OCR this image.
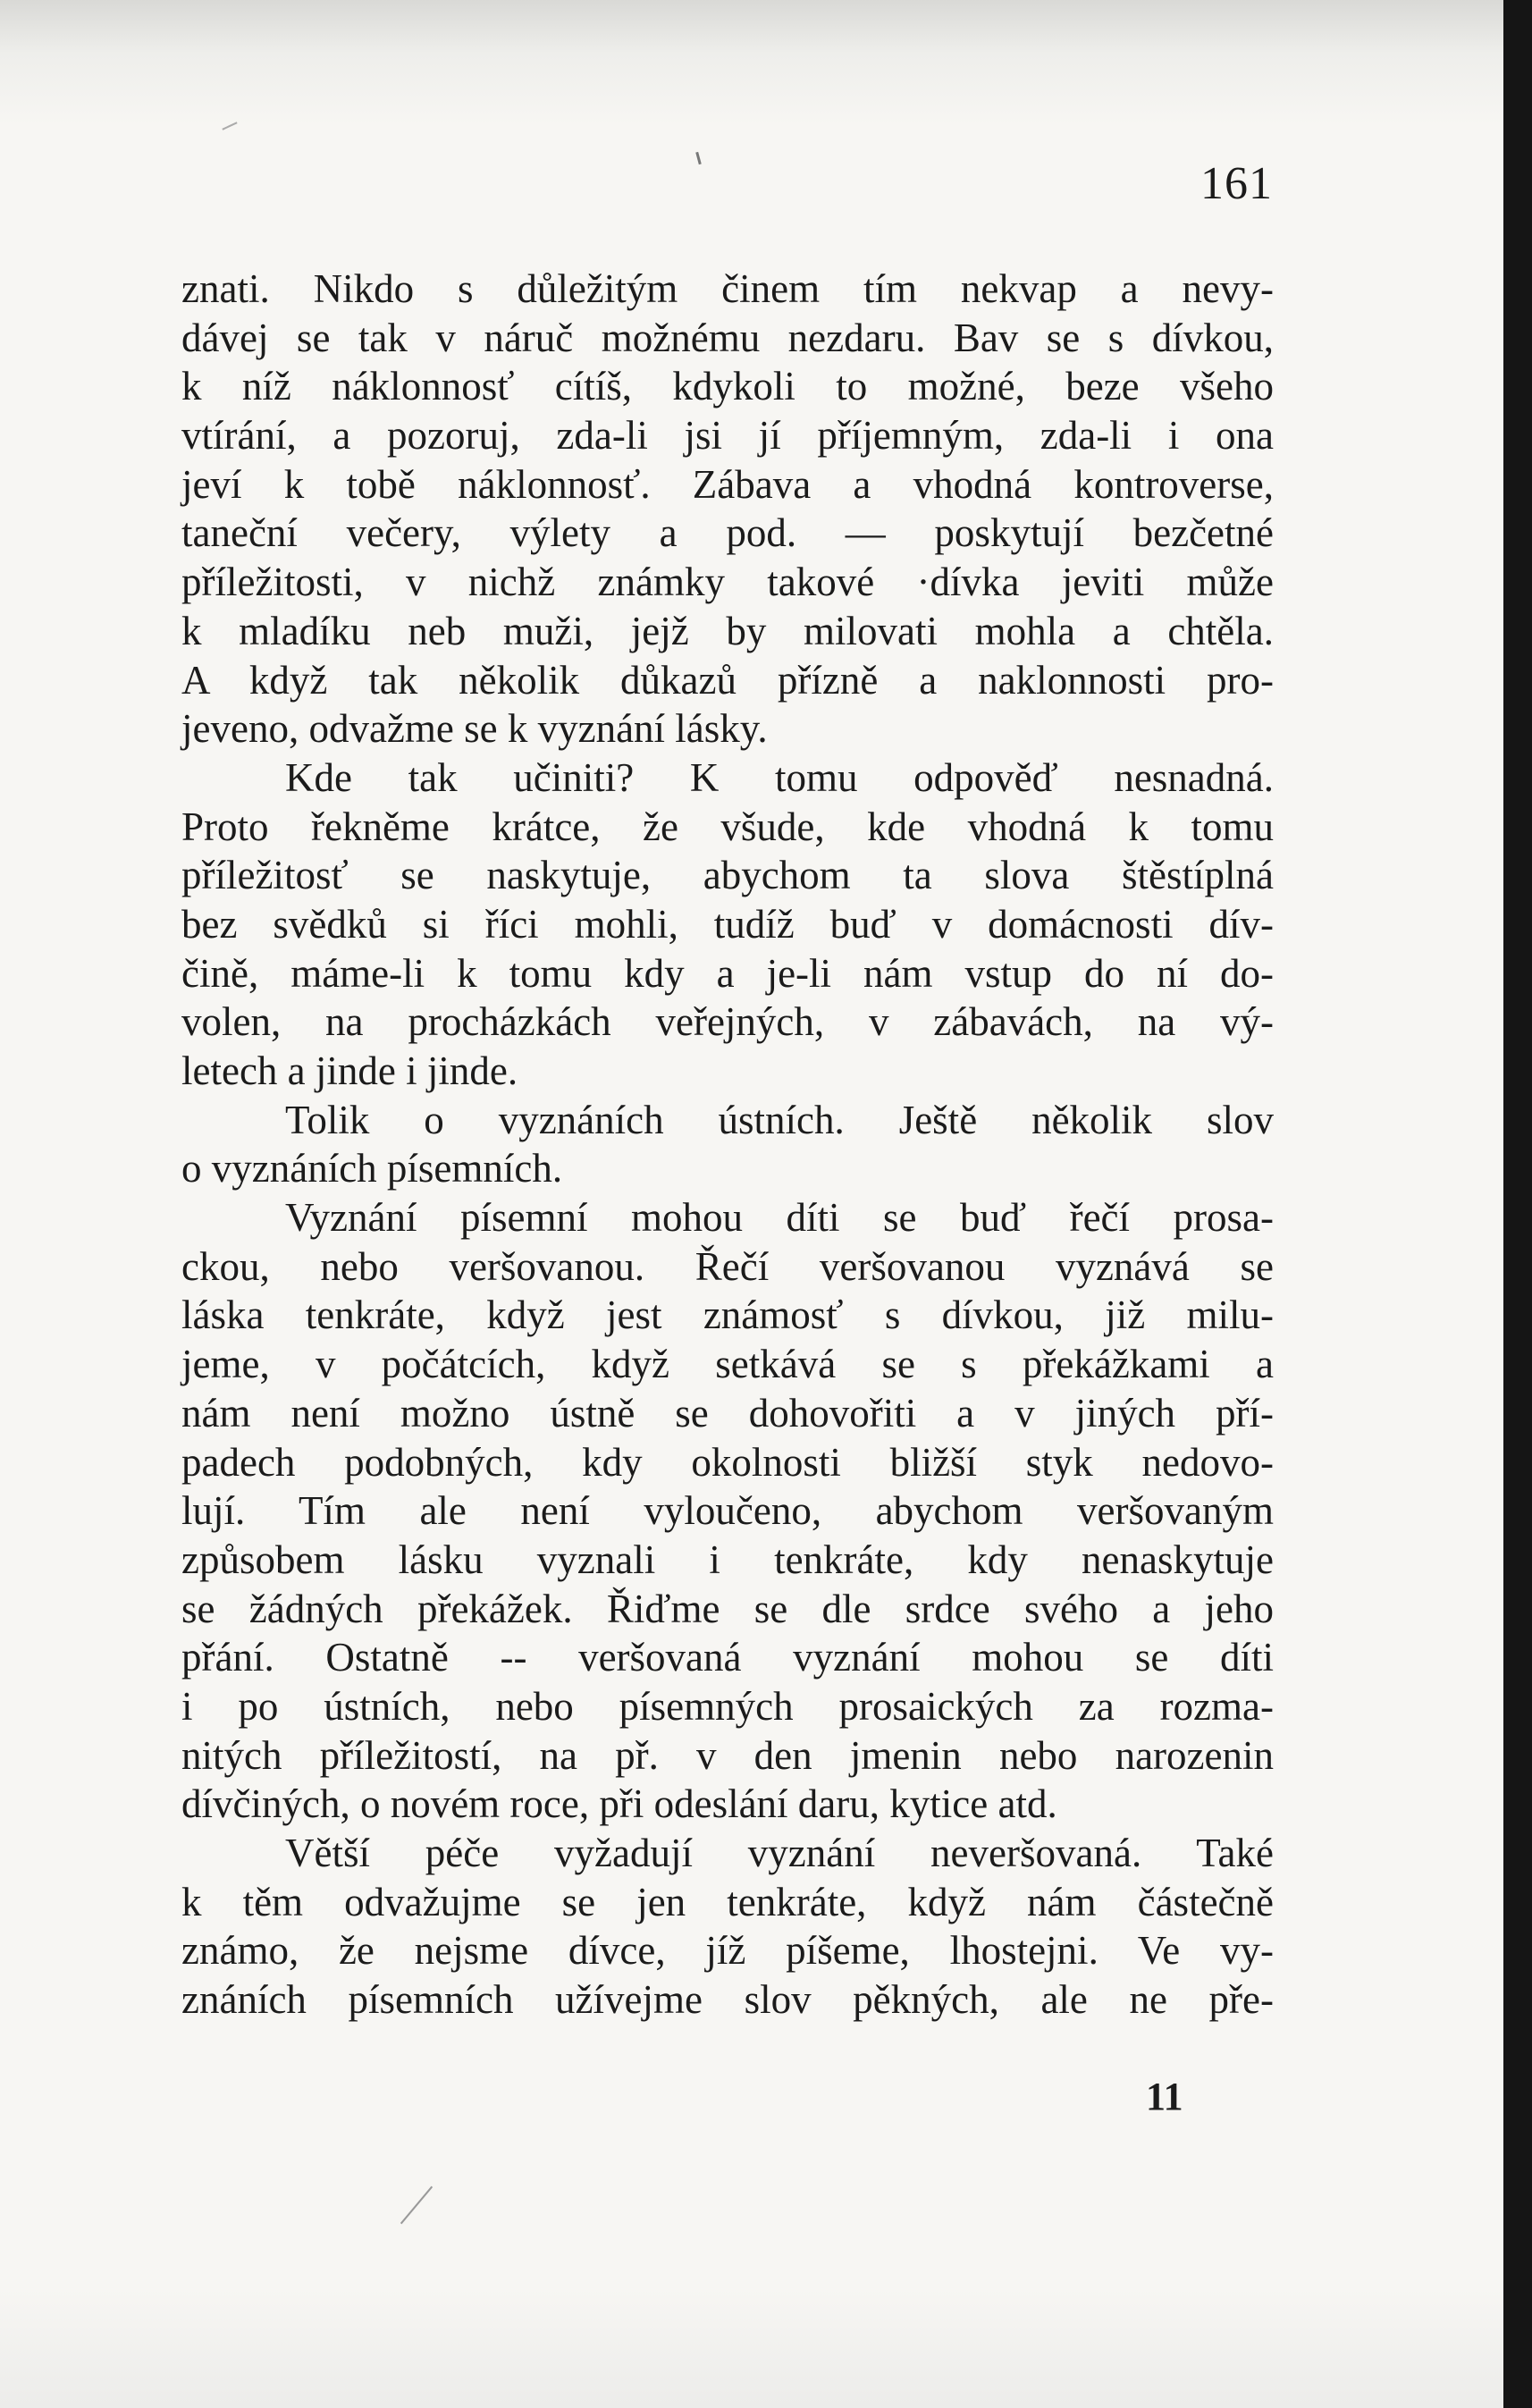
161
znati. Nikdo s důležitým činem tím nekvap a nevy-
dávej se tak v náruč možnému nezdaru. Bav se s dívkou,
k níž náklonnosť cítíš, kdykoli to možné, beze všeho
vtírání, a pozoruj, zda-li jsi jí příjemným, zda-li i ona
jeví k tobě náklonnosť. Zábava a vhodná kontroverse,
taneční večery, výlety a pod. — poskytují bezčetné
příležitosti, v nichž známky takové ·dívka jeviti může
k mladíku neb muži, jejž by milovati mohla a chtěla.
A když tak několik důkazů přízně a naklonnosti pro-
jeveno, odvažme se k vyznání lásky.
Kde tak učiniti? K tomu odpověď nesnadná.
Proto řekněme krátce, že všude, kde vhodná k tomu
příležitosť se naskytuje, abychom ta slova štěstíplná
bez svědků si říci mohli, tudíž buď v domácnosti dív-
čině, máme-li k tomu kdy a je-li nám vstup do ní do-
volen, na procházkách veřejných, v zábavách, na vý-
letech a jinde i jinde.
Tolik o vyznáních ústních. Ještě několik slov
o vyznáních písemních.
Vyznání písemní mohou díti se buď řečí prosa-
ckou, nebo veršovanou. Řečí veršovanou vyznává se
láska tenkráte, když jest známosť s dívkou, již milu-
jeme, v počátcích, když setkává se s překážkami a
nám není možno ústně se dohovořiti a v jiných pří-
padech podobných, kdy okolnosti bližší styk nedovo-
lují. Tím ale není vyloučeno, abychom veršovaným
způsobem lásku vyznali i tenkráte, kdy nenaskytuje
se žádných překážek. Řiďme se dle srdce svého a jeho
přání. Ostatně -- veršovaná vyznání mohou se díti
i po ústních, nebo písemných prosaických za rozma-
nitých příležitostí, na př. v den jmenin nebo narozenin
dívčiných, o novém roce, při odeslání daru, kytice atd.
Větší péče vyžadují vyznání neveršovaná. Také
k těm odvažujme se jen tenkráte, když nám částečně
známo, že nejsme dívce, jíž píšeme, lhostejni. Ve vy-
znáních písemních užívejme slov pěkných, ale ne pře-
11
